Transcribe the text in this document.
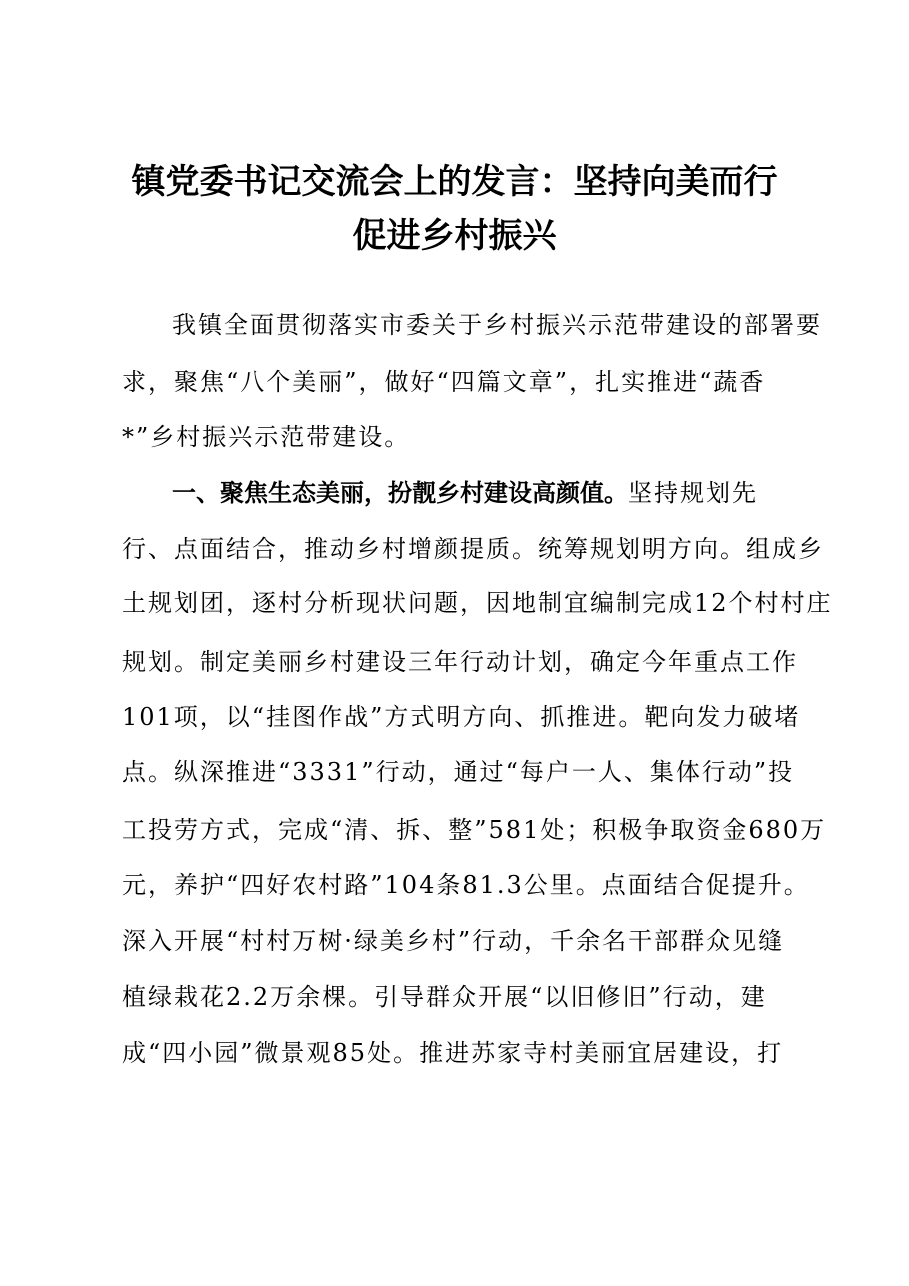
镇党委书记交流会上的发言：坚持向美而行
促进乡村振兴
我镇全面贯彻落实市委关于乡村振兴示范带建设的部署要
求，聚焦“八个美丽”，做好“四篇文章”，扎实推进“蔬香
*”乡村振兴示范带建设。
一、聚焦生态美丽，扮靓乡村建设高颜值。坚持规划先
行、点面结合，推动乡村增颜提质。统筹规划明方向。组成乡
土规划团，逐村分析现状问题，因地制宜编制完成12个村村庄
规划。制定美丽乡村建设三年行动计划，确定今年重点工作
101项，以“挂图作战”方式明方向、抓推进。靶向发力破堵
点。纵深推进“3331”行动，通过“每户一人、集体行动”投
工投劳方式，完成“清、拆、整”581处；积极争取资金680万
元，养护“四好农村路”104条81.3公里。点面结合促提升。
深入开展“村村万树·绿美乡村”行动，千余名干部群众见缝
植绿栽花2.2万余棵。引导群众开展“以旧修旧”行动，建
成“四小园”微景观85处。推进苏家寺村美丽宜居建设，打
